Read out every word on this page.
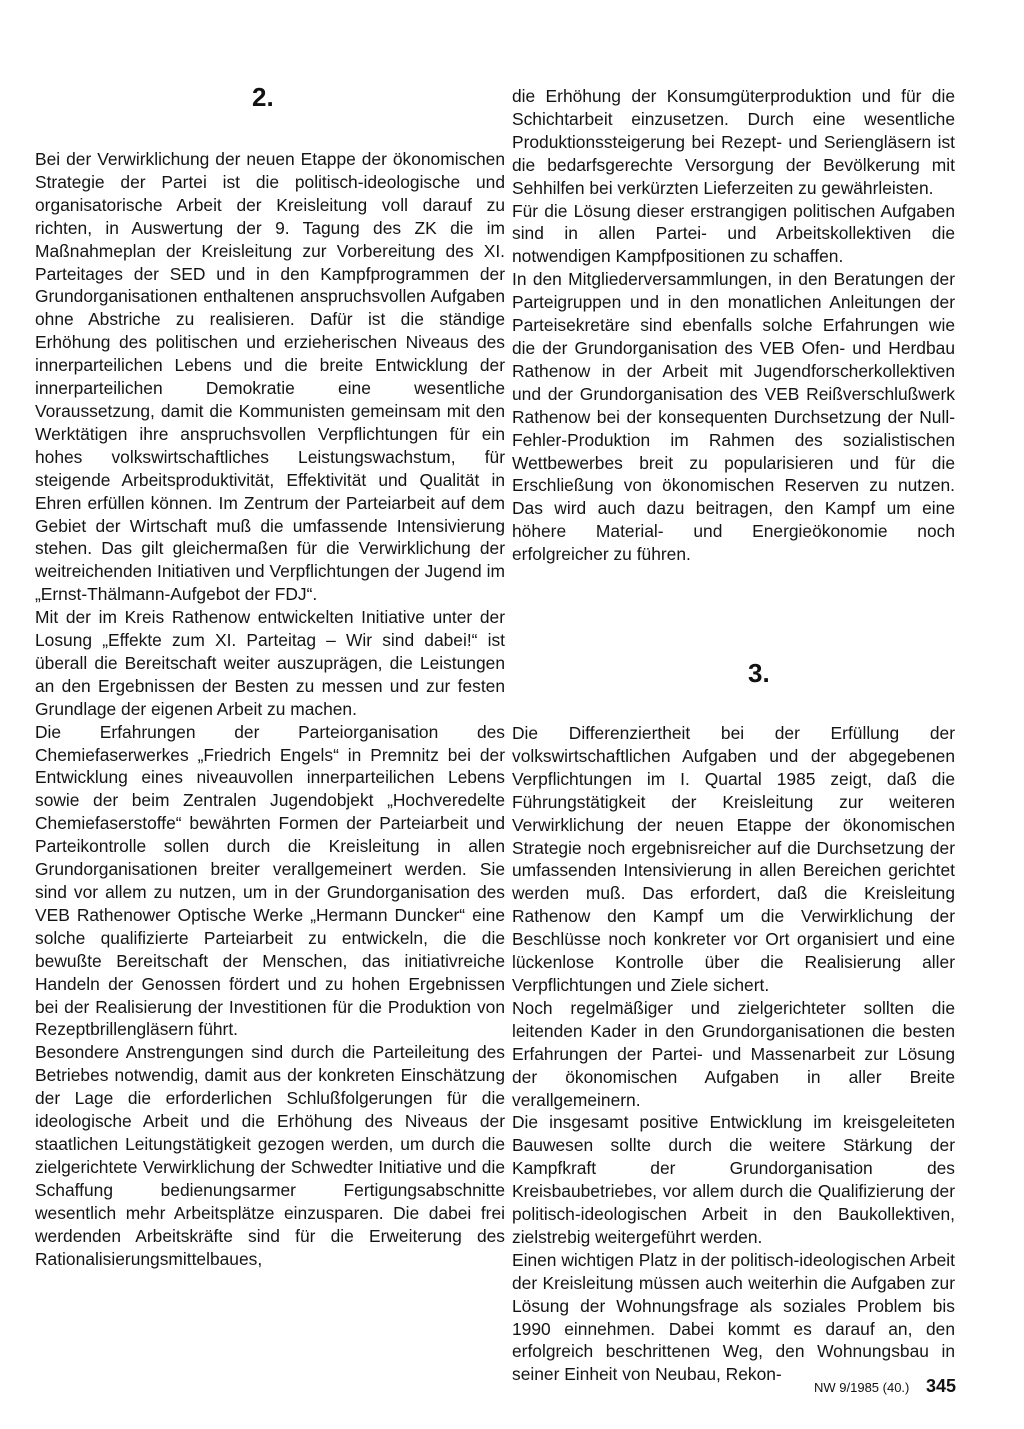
2.

Bei der Verwirklichung der neuen Etappe der ökonomischen Strategie der Partei ist die politisch-ideologische und organisatorische Arbeit der Kreisleitung voll darauf zu richten, in Auswertung der 9. Tagung des ZK die im Maßnahmeplan der Kreisleitung zur Vorbereitung des XI. Parteitages der SED und in den Kampfprogrammen der Grundorganisationen enthaltenen anspruchsvollen Aufgaben ohne Abstriche zu realisieren. Dafür ist die ständige Erhöhung des politischen und erzieherischen Niveaus des innerparteilichen Lebens und die breite Entwicklung der innerparteilichen Demokratie eine wesentliche Voraussetzung, damit die Kommunisten gemeinsam mit den Werktätigen ihre anspruchsvollen Verpflichtungen für ein hohes volkswirtschaftliches Leistungswachstum, für steigende Arbeitsproduktivität, Effektivität und Qualität in Ehren erfüllen können. Im Zentrum der Parteiarbeit auf dem Gebiet der Wirtschaft muß die umfassende Intensivierung stehen. Das gilt gleichermaßen für die Verwirklichung der weitreichenden Initiativen und Verpflichtungen der Jugend im „Ernst-Thälmann-Aufgebot der FDJ“.

Mit der im Kreis Rathenow entwickelten Initiative unter der Losung „Effekte zum XI. Parteitag – Wir sind dabei!“ ist überall die Bereitschaft weiter auszuprägen, die Leistungen an den Ergebnissen der Besten zu messen und zur festen Grundlage der eigenen Arbeit zu machen.

Die Erfahrungen der Parteiorganisation des Chemiefaserwerkes „Friedrich Engels“ in Premnitz bei der Entwicklung eines niveauvollen innerparteilichen Lebens sowie der beim Zentralen Jugendobjekt „Hochveredelte Chemiefaserstoffe“ bewährten Formen der Parteiarbeit und Parteikontrolle sollen durch die Kreisleitung in allen Grundorganisationen breiter verallgemeinert werden. Sie sind vor allem zu nutzen, um in der Grundorganisation des VEB Rathenower Optische Werke „Hermann Duncker“ eine solche qualifizierte Parteiarbeit zu entwickeln, die die bewußte Bereitschaft der Menschen, das initiativreiche Handeln der Genossen fördert und zu hohen Ergebnissen bei der Realisierung der Investitionen für die Produktion von Rezeptbrillengläsern führt.

Besondere Anstrengungen sind durch die Parteileitung des Betriebes notwendig, damit aus der konkreten Einschätzung der Lage die erforderlichen Schlußfolgerungen für die ideologische Arbeit und die Erhöhung des Niveaus der staatlichen Leitungstätigkeit gezogen werden, um durch die zielgerichtete Verwirklichung der Schwedter Initiative und die Schaffung bedienungsarmer Fertigungsabschnitte wesentlich mehr Arbeitsplätze einzusparen. Die dabei frei werdenden Arbeitskräfte sind für die Erweiterung des Rationalisierungsmittelbaues,

die Erhöhung der Konsumgüterproduktion und für die Schichtarbeit einzusetzen. Durch eine wesentliche Produktionssteigerung bei Rezept- und Seriengläsern ist die bedarfsgerechte Versorgung der Bevölkerung mit Sehhilfen bei verkürzten Lieferzeiten zu gewährleisten.

Für die Lösung dieser erstrangigen politischen Aufgaben sind in allen Partei- und Arbeitskollektiven die notwendigen Kampfpositionen zu schaffen.

In den Mitgliederversammlungen, in den Beratungen der Parteigruppen und in den monatlichen Anleitungen der Parteisekretäre sind ebenfalls solche Erfahrungen wie die der Grundorganisation des VEB Ofen- und Herdbau Rathenow in der Arbeit mit Jugendforscherkollektiven und der Grundorganisation des VEB Reißverschlußwerk Rathenow bei der konsequenten Durchsetzung der Null-Fehler-Produktion im Rahmen des sozialistischen Wettbewerbes breit zu popularisieren und für die Erschließung von ökonomischen Reserven zu nutzen. Das wird auch dazu beitragen, den Kampf um eine höhere Material- und Energieökonomie noch erfolgreicher zu führen.

3.

Die Differenziertheit bei der Erfüllung der volkswirtschaftlichen Aufgaben und der abgegebenen Verpflichtungen im I. Quartal 1985 zeigt, daß die Führungstätigkeit der Kreisleitung zur weiteren Verwirklichung der neuen Etappe der ökonomischen Strategie noch ergebnisreicher auf die Durchsetzung der umfassenden Intensivierung in allen Bereichen gerichtet werden muß. Das erfordert, daß die Kreisleitung Rathenow den Kampf um die Verwirklichung der Beschlüsse noch konkreter vor Ort organisiert und eine lückenlose Kontrolle über die Realisierung aller Verpflichtungen und Ziele sichert.

Noch regelmäßiger und zielgerichteter sollten die leitenden Kader in den Grundorganisationen die besten Erfahrungen der Partei- und Massenarbeit zur Lösung der ökonomischen Aufgaben in aller Breite verallgemeinern.

Die insgesamt positive Entwicklung im kreisgeleiteten Bauwesen sollte durch die weitere Stärkung der Kampfkraft der Grundorganisation des Kreisbaubetriebes, vor allem durch die Qualifizierung der politisch-ideologischen Arbeit in den Baukollektiven, zielstrebig weitergeführt werden.

Einen wichtigen Platz in der politisch-ideologischen Arbeit der Kreisleitung müssen auch weiterhin die Aufgaben zur Lösung der Wohnungsfrage als soziales Problem bis 1990 einnehmen. Dabei kommt es darauf an, den erfolgreich beschrittenen Weg, den Wohnungsbau in seiner Einheit von Neubau, Rekon-

NW 9/1985 (40.) 345
